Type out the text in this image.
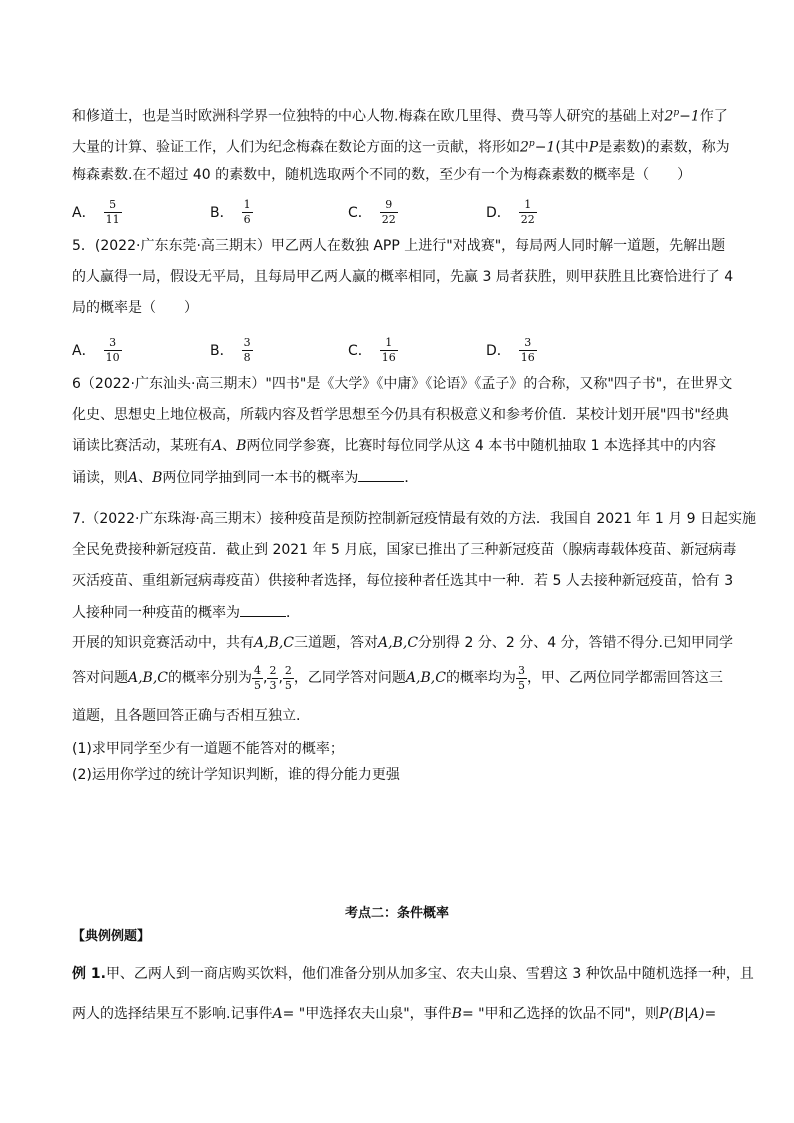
和修道士，也是当时欧洲科学界一位独特的中心人物.梅森在欧几里得、费马等人研究的基础上对$2^p-1$作了
大量的计算、验证工作，人们为纪念梅森在数论方面的这一贡献，将形如$2^p-1$(其中P是素数)的素数，称为
梅森素数.在不超过 40 的素数中，随机选取两个不同的数，至少有一个为梅森素数的概率是（　　）
A． $\frac{5}{11}$	B． $\frac{1}{6}$	C． $\frac{9}{22}$	D． $\frac{1}{22}$
5．(2022·广东东莞·高三期末）甲乙两人在数独 APP 上进行"对战赛"，每局两人同时解一道题，先解出题
的人赢得一局，假设无平局，且每局甲乙两人赢的概率相同，先赢 3 局者获胜，则甲获胜且比赛恰进行了 4
局的概率是（　　）
A． $\frac{3}{10}$	B． $\frac{3}{8}$	C． $\frac{1}{16}$	D． $\frac{3}{16}$
6（2022·广东汕头·高三期末）"四书"是《大学》《中庸》《论语》《孟子》的合称，又称"四子书"，在世界文
化史、思想史上地位极高，所载内容及哲学思想至今仍具有积极意义和参考价值．某校计划开展"四书"经典
诵读比赛活动，某班有A、B两位同学参赛，比赛时每位同学从这 4 本书中随机抽取 1 本选择其中的内容
诵读，则A、B两位同学抽到同一本书的概率为	．
7.（2022·广东珠海·高三期末）接种疫苗是预防控制新冠疫情最有效的方法．我国自 2021 年 1 月 9 日起实施
全民免费接种新冠疫苗．截止到 2021 年 5 月底，国家已推出了三种新冠疫苗（腺病毒载体疫苗、新冠病毒
灭活疫苗、重组新冠病毒疫苗）供接种者选择，每位接种者任选其中一种．若 5 人去接种新冠疫苗，恰有 3
人接种同一种疫苗的概率为	．
开展的知识竞赛活动中，共有A,B,C三道题，答对A,B,C分别得 2 分、2 分、4 分，答错不得分.已知甲同学
答对问题 A,B,C 的概率分别为 $\frac{4}{5}$ , $\frac{2}{3}$ , $\frac{2}{5}$ ，乙同学答对问题 A,B,C 的概率均为 $\frac{3}{5}$ ，甲、乙两位同学都需回答这三
道题，且各题回答正确与否相互独立.
(1)求甲同学至少有一道题不能答对的概率；
(2)运用你学过的统计学知识判断，谁的得分能力更强
考点二：条件概率
【典例例题】
例 1.甲、乙两人到一商店购买饮料，他们准备分别从加多宝、农夫山泉、雪碧这 3 种饮品中随机选择一种，且
两人的选择结果互不影响.记事件A= "甲选择农夫山泉"，事件B= "甲和乙选择的饮品不同"，则P(B|A)=
